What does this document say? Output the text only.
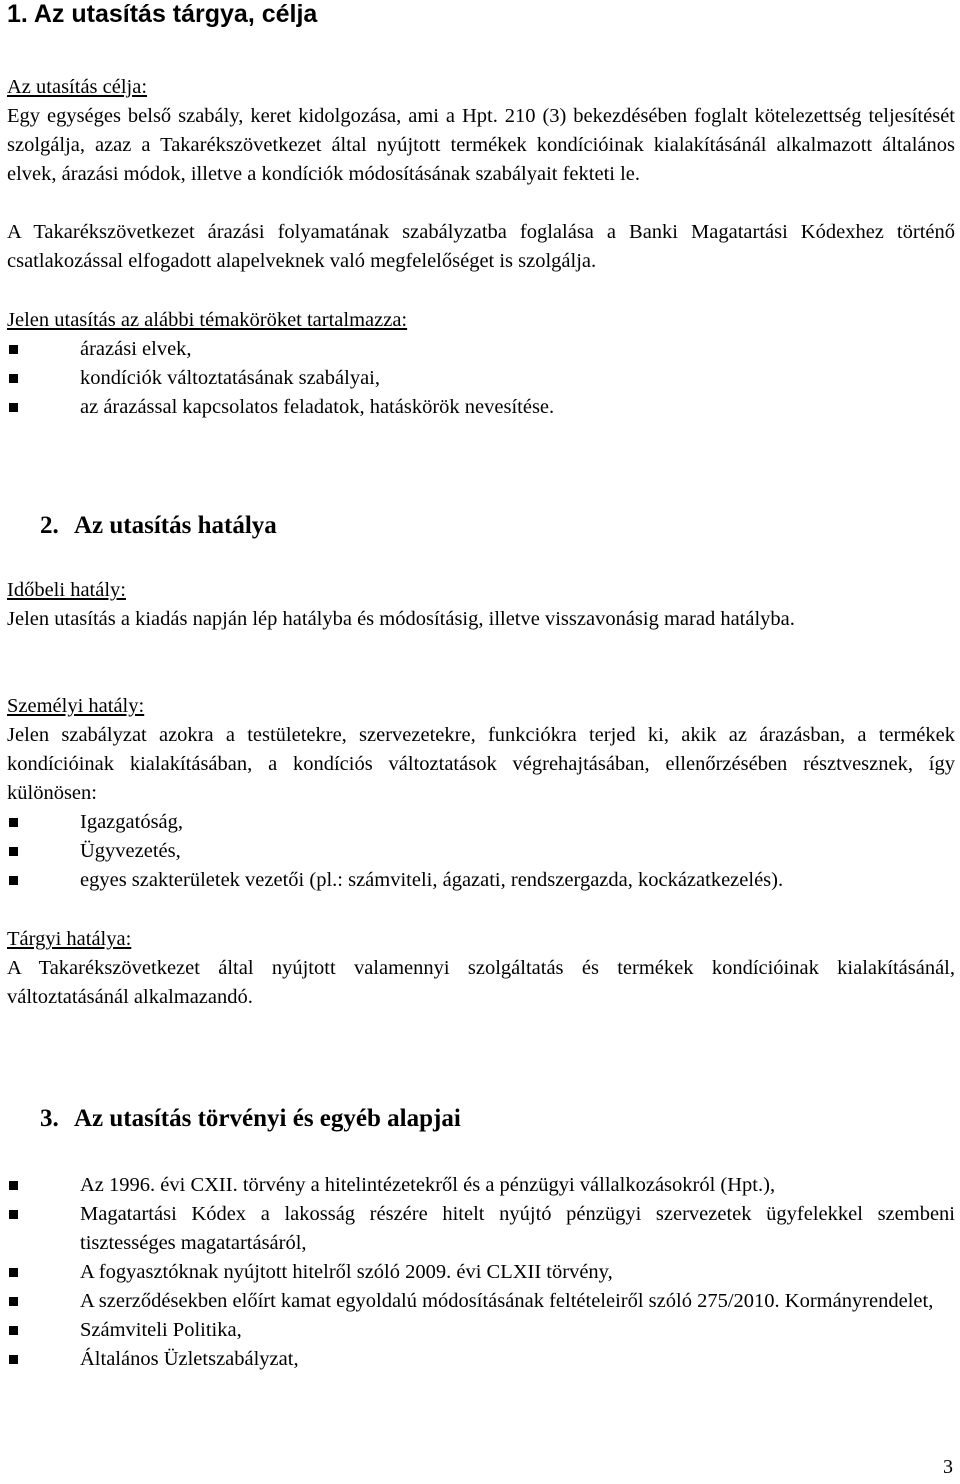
1. Az utasítás tárgya, célja

Az utasítás célja:

Egy egységes belső szabály, keret kidolgozása, ami a Hpt. 210 (3) bekezdésében foglalt kötelezettség teljesítését szolgálja, azaz a Takarékszövetkezet által nyújtott termékek kondícióinak kialakításánál alkalmazott általános elvek, árazási módok, illetve a kondíciók módosításának szabályait fekteti le.

A Takarékszövetkezet árazási folyamatának szabályzatba foglalása a Banki Magatartási Kódexhez történő csatlakozással elfogadott alapelveknek való megfelelőséget is szolgálja.

Jelen utasítás az alábbi témaköröket tartalmazza:

árazási elvek,
kondíciók változtatásának szabályai,
az árazással kapcsolatos feladatok, hatáskörök nevesítése.
2. Az utasítás hatálya

Időbeli hatály:

Jelen utasítás a kiadás napján lép hatályba és módosításig, illetve visszavonásig marad hatályba.

Személyi hatály:

Jelen szabályzat azokra a testületekre, szervezetekre, funkciókra terjed ki, akik az árazásban, a termékek kondícióinak kialakításában, a kondíciós változtatások végrehajtásában, ellenőrzésében résztvesznek, így különösen:

Igazgatóság,
Ügyvezetés,
egyes szakterületek vezetői (pl.: számviteli, ágazati, rendszergazda, kockázatkezelés).

Tárgyi hatálya:

A Takarékszövetkezet által nyújtott valamennyi szolgáltatás és termékek kondícióinak kialakításánál, változtatásánál alkalmazandó.

3. Az utasítás törvényi és egyéb alapjai
Az 1996. évi CXII. törvény a hitelintézetekről és a pénzügyi vállalkozásokról (Hpt.),
Magatartási Kódex a lakosság részére hitelt nyújtó pénzügyi szervezetek ügyfelekkel szembeni tisztességes magatartásáról,
A fogyasztóknak nyújtott hitelről szóló 2009. évi CLXII törvény,
A szerződésekben előírt kamat egyoldalú módosításának feltételeiről szóló 275/2010. Kormányrendelet,
Számviteli Politika,
Általános Üzletszabályzat,
3
